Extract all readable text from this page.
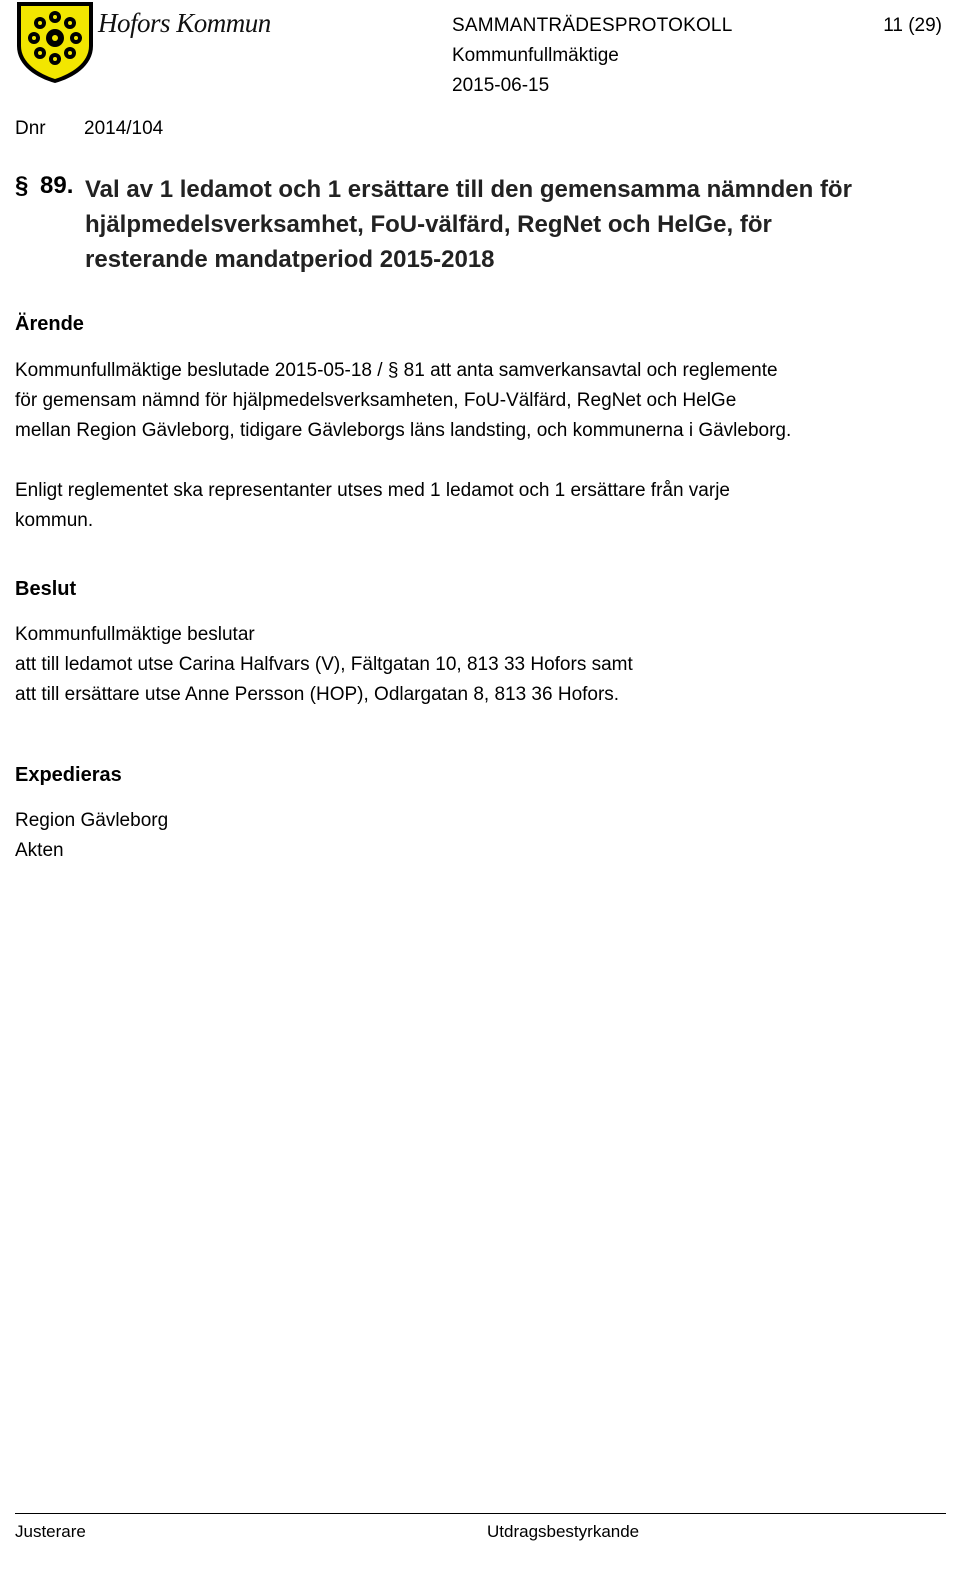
Hofors Kommun	SAMMANTRÄDESPROTOKOLL	11 (29)
Kommunfullmäktige
2015-06-15
Dnr 2014/104
§ 89. Val av 1 ledamot och 1 ersättare till den gemensamma nämnden för
hjälpmedelsverksamhet, FoU-välfärd, RegNet och HelGe, för
resterande mandatperiod 2015-2018
Ärende
Kommunfullmäktige beslutade 2015-05-18 / § 81 att anta samverkansavtal och reglemente
för gemensam nämnd för hjälpmedelsverksamheten, FoU-Välfärd, RegNet och HelGe
mellan Region Gävleborg, tidigare Gävleborgs läns landsting, och kommunerna i Gävleborg.
Enligt reglementet ska representanter utses med 1 ledamot och 1 ersättare från varje
kommun.
Beslut
Kommunfullmäktige beslutar
att till ledamot utse Carina Halfvars (V), Fältgatan 10, 813 33 Hofors samt
att till ersättare utse Anne Persson (HOP), Odlargatan 8, 813 36 Hofors.
Expedieras
Region Gävleborg
Akten
Justerare	Utdragsbestyrkande
